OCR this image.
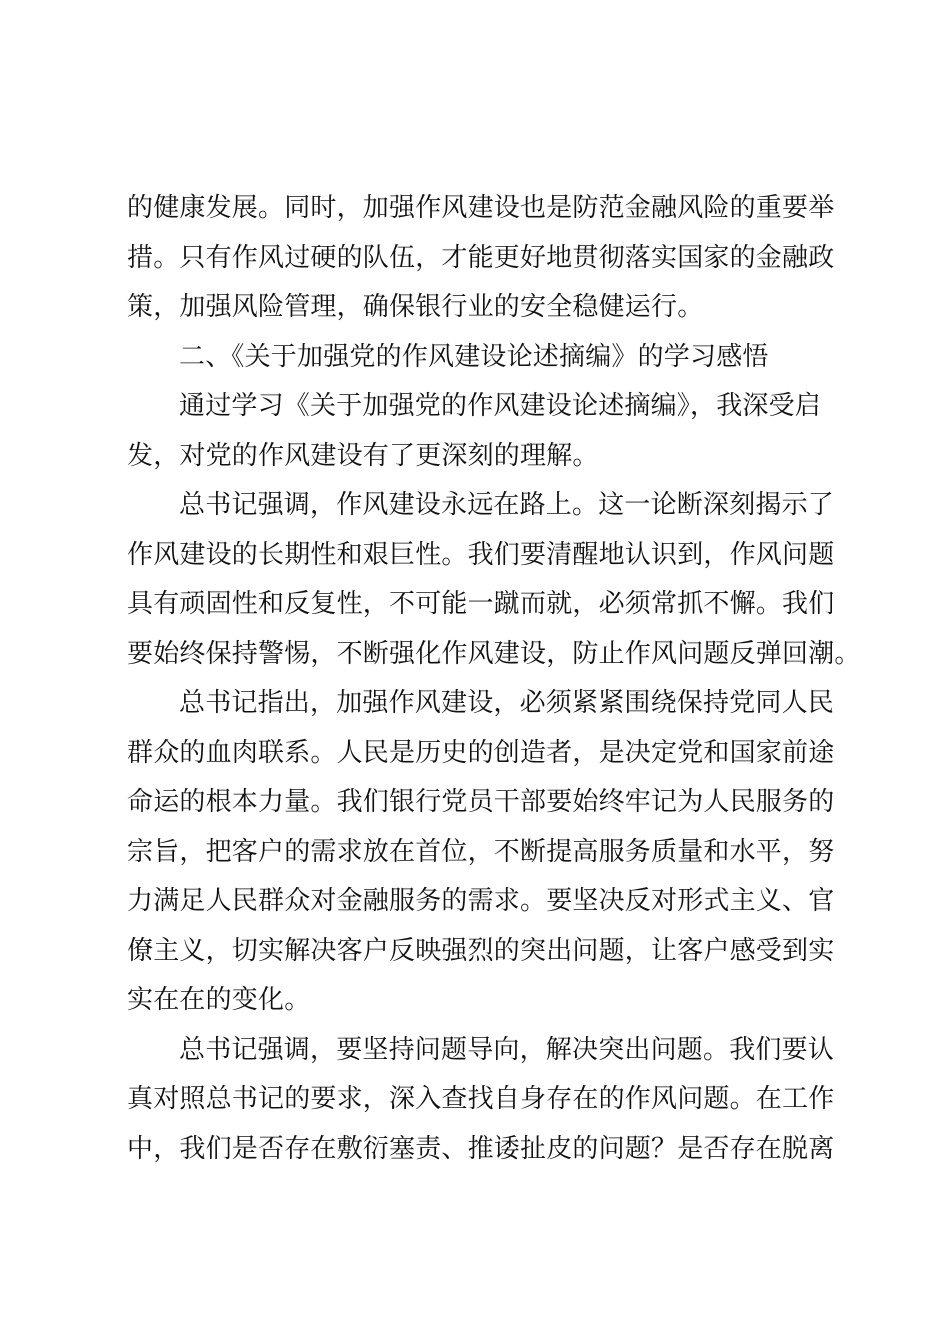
的健康发展。同时，加强作风建设也是防范金融风险的重要举
措。只有作风过硬的队伍，才能更好地贯彻落实国家的金融政
策，加强风险管理，确保银行业的安全稳健运行。
二、《关于加强党的作风建设论述摘编》的学习感悟
通过学习《关于加强党的作风建设论述摘编》，我深受启
发，对党的作风建设有了更深刻的理解。
总书记强调，作风建设永远在路上。这一论断深刻揭示了
作风建设的长期性和艰巨性。我们要清醒地认识到，作风问题
具有顽固性和反复性，不可能一蹴而就，必须常抓不懈。我们
要始终保持警惕，不断强化作风建设，防止作风问题反弹回潮。
总书记指出，加强作风建设，必须紧紧围绕保持党同人民
群众的血肉联系。人民是历史的创造者，是决定党和国家前途
命运的根本力量。我们银行党员干部要始终牢记为人民服务的
宗旨，把客户的需求放在首位，不断提高服务质量和水平，努
力满足人民群众对金融服务的需求。要坚决反对形式主义、官
僚主义，切实解决客户反映强烈的突出问题，让客户感受到实
实在在的变化。
总书记强调，要坚持问题导向，解决突出问题。我们要认
真对照总书记的要求，深入查找自身存在的作风问题。在工作
中，我们是否存在敷衍塞责、推诿扯皮的问题？是否存在脱离
